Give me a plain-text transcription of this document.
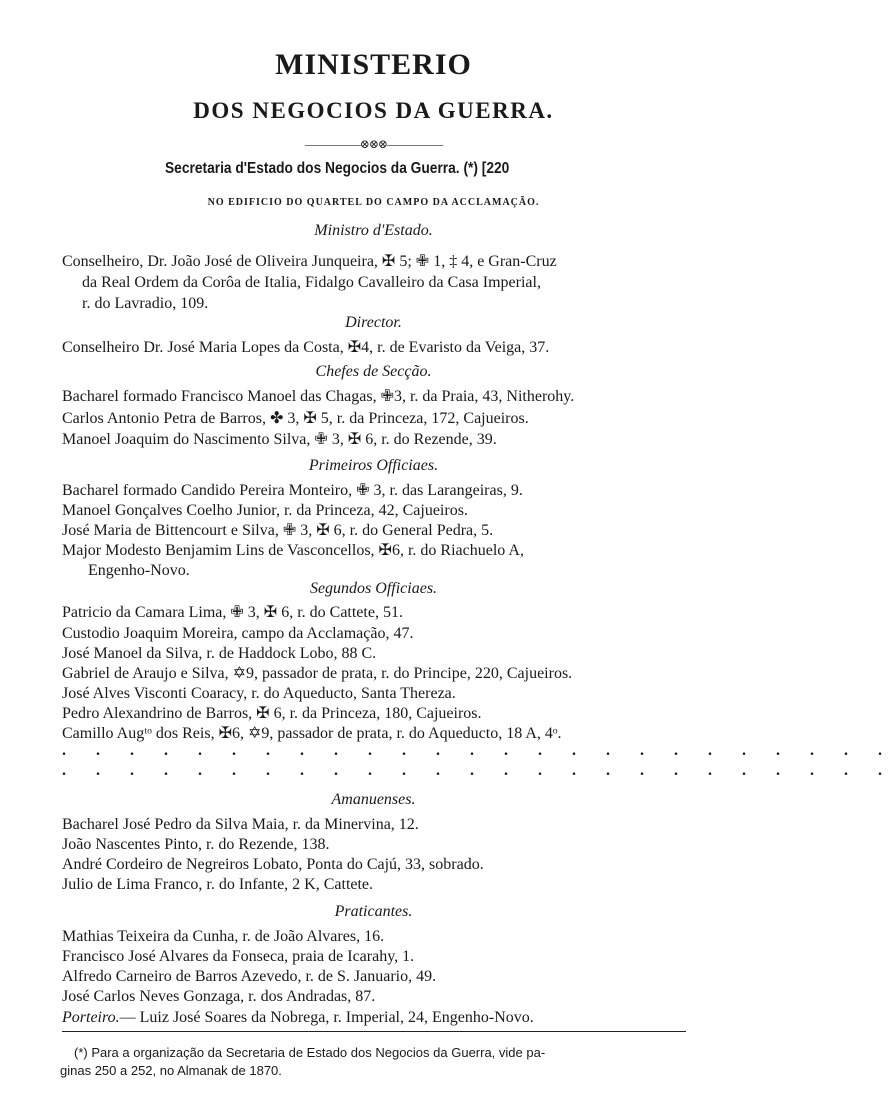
MINISTERIO
DOS NEGOCIOS DA GUERRA.
—————⊗⊗⊗—————
Secretaria d'Estado dos Negocios da Guerra. (*) [220
NO EDIFICIO DO QUARTEL DO CAMPO DA ACCLAMAÇÃO.
Ministro d'Estado.
Conselheiro, Dr. João José de Oliveira Junqueira, ✠ 5; ✙ 1, ‡ 4, e Gran-Cruz
da Real Ordem da Corôa de Italia, Fidalgo Cavalleiro da Casa Imperial,
r. do Lavradio, 109.
Director.
Conselheiro Dr. José Maria Lopes da Costa, ✠4, r. de Evaristo da Veiga, 37.
Chefes de Secção.
Bacharel formado Francisco Manoel das Chagas, ✙3, r. da Praia, 43, Nitherohy.
Carlos Antonio Petra de Barros, ✤ 3, ✠ 5, r. da Princeza, 172, Cajueiros.
Manoel Joaquim do Nascimento Silva, ✙ 3, ✠ 6, r. do Rezende, 39.
Primeiros Officiaes.
Bacharel formado Candido Pereira Monteiro, ✙ 3, r. das Larangeiras, 9.
Manoel Gonçalves Coelho Junior, r. da Princeza, 42, Cajueiros.
José Maria de Bittencourt e Silva, ✙ 3, ✠ 6, r. do General Pedra, 5.
Major Modesto Benjamim Lins de Vasconcellos, ✠6, r. do Riachuelo A,
Engenho-Novo.
Segundos Officiaes.
Patricio da Camara Lima, ✙ 3, ✠ 6, r. do Cattete, 51.
Custodio Joaquim Moreira, campo da Acclamação, 47.
José Manoel da Silva, r. de Haddock Lobo, 88 C.
Gabriel de Araujo e Silva, ✡9, passador de prata, r. do Principe, 220, Cajueiros.
José Alves Visconti Coaracy, r. do Aqueducto, Santa Thereza.
Pedro Alexandrino de Barros, ✠ 6, r. da Princeza, 180, Cajueiros.
Camillo Augᵗᵒ dos Reis, ✠6, ✡9, passador de prata, r. do Aqueducto, 18 A, 4ᵒ.
. . . . . . . . . . . . . . . . . . . . . . . . .
. . . . . . . . . . . . . . . . . . . . . . . . .
Amanuenses.
Bacharel José Pedro da Silva Maia, r. da Minervina, 12.
João Nascentes Pinto, r. do Rezende, 138.
André Cordeiro de Negreiros Lobato, Ponta do Cajú, 33, sobrado.
Julio de Lima Franco, r. do Infante, 2 K, Cattete.
Praticantes.
Mathias Teixeira da Cunha, r. de João Alvares, 16.
Francisco José Alvares da Fonseca, praia de Icarahy, 1.
Alfredo Carneiro de Barros Azevedo, r. de S. Januario, 49.
José Carlos Neves Gonzaga, r. dos Andradas, 87.
Porteiro.— Luiz José Soares da Nobrega, r. Imperial, 24, Engenho-Novo.
(*) Para a organização da Secretaria de Estado dos Negocios da Guerra, vide pa-
ginas 250 a 252, no Almanak de 1870.
